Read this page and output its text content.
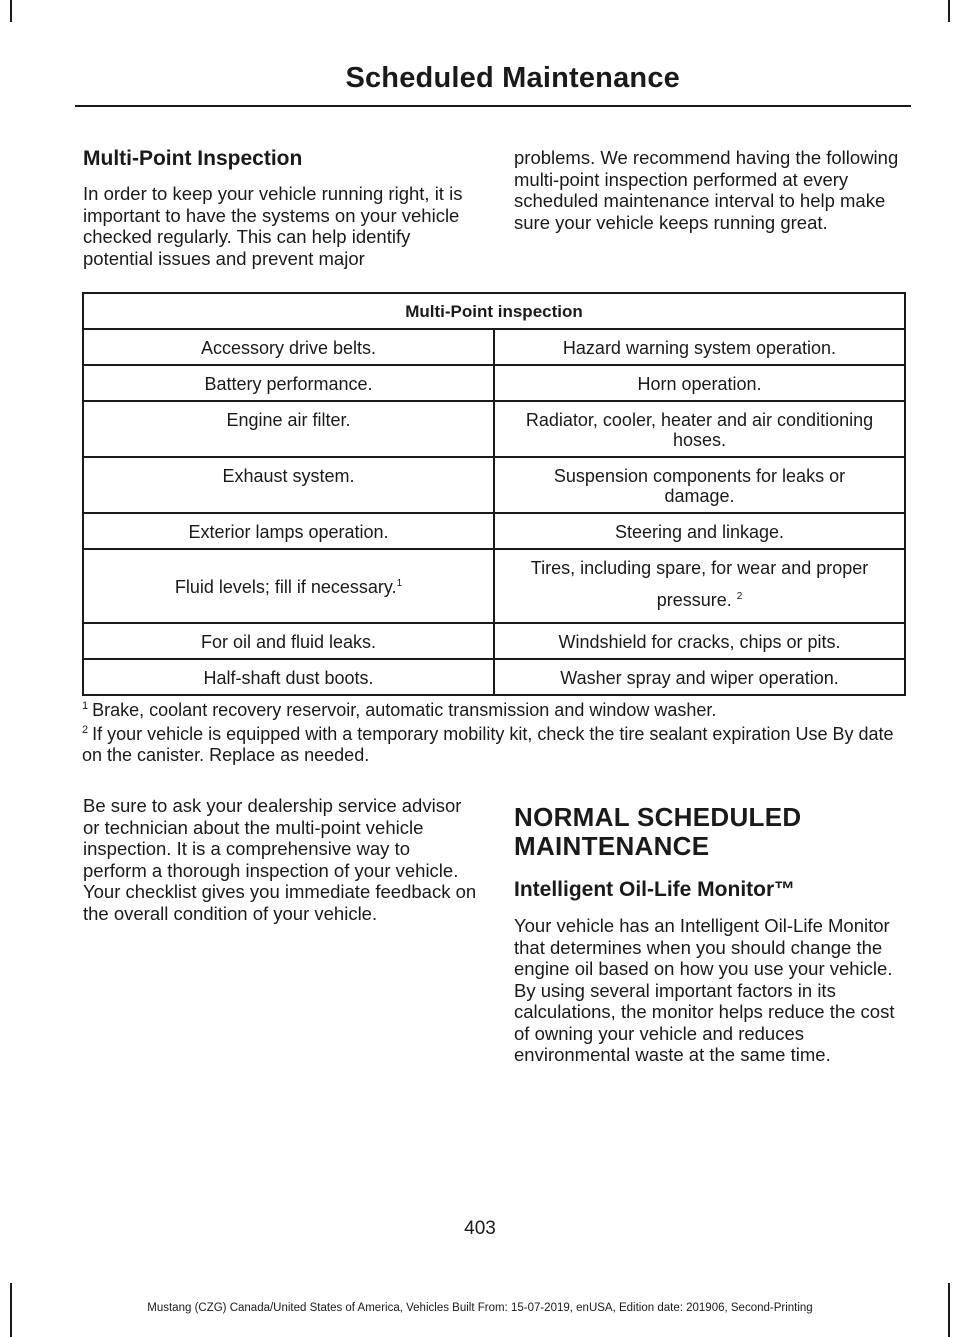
Scheduled Maintenance
Multi-Point Inspection

In order to keep your vehicle running right, it is important to have the systems on your vehicle checked regularly. This can help identify potential issues and prevent major

problems. We recommend having the following multi-point inspection performed at every scheduled maintenance interval to help make sure your vehicle keeps running great.

Multi-Point inspection	
Accessory drive belts.	Hazard warning system operation.
Battery performance.	Horn operation.
Engine air filter.	Radiator, cooler, heater and air conditioning hoses.
Exhaust system.	Suspension components for leaks or damage.
Exterior lamps operation.	Steering and linkage.
Fluid levels; fill if necessary.$^1$	Tires, including spare, for wear and proper pressure. $^2$
For oil and fluid leaks.	Windshield for cracks, chips or pits.
Half-shaft dust boots.	Washer spray and wiper operation.
$^1$ Brake, coolant recovery reservoir, automatic transmission and window washer.
$^2$ If your vehicle is equipped with a temporary mobility kit, check the tire sealant expiration Use By date on the canister. Replace as needed.

Be sure to ask your dealership service advisor or technician about the multi-point vehicle inspection. It is a comprehensive way to perform a thorough inspection of your vehicle. Your checklist gives you immediate feedback on the overall condition of your vehicle.

NORMAL SCHEDULED MAINTENANCE
Intelligent Oil-Life Monitor™

Your vehicle has an Intelligent Oil-Life Monitor that determines when you should change the engine oil based on how you use your vehicle. By using several important factors in its calculations, the monitor helps reduce the cost of owning your vehicle and reduces environmental waste at the same time.

403
Mustang (CZG) Canada/United States of America, Vehicles Built From: 15-07-2019, enUSA, Edition date: 201906, Second-Printing
